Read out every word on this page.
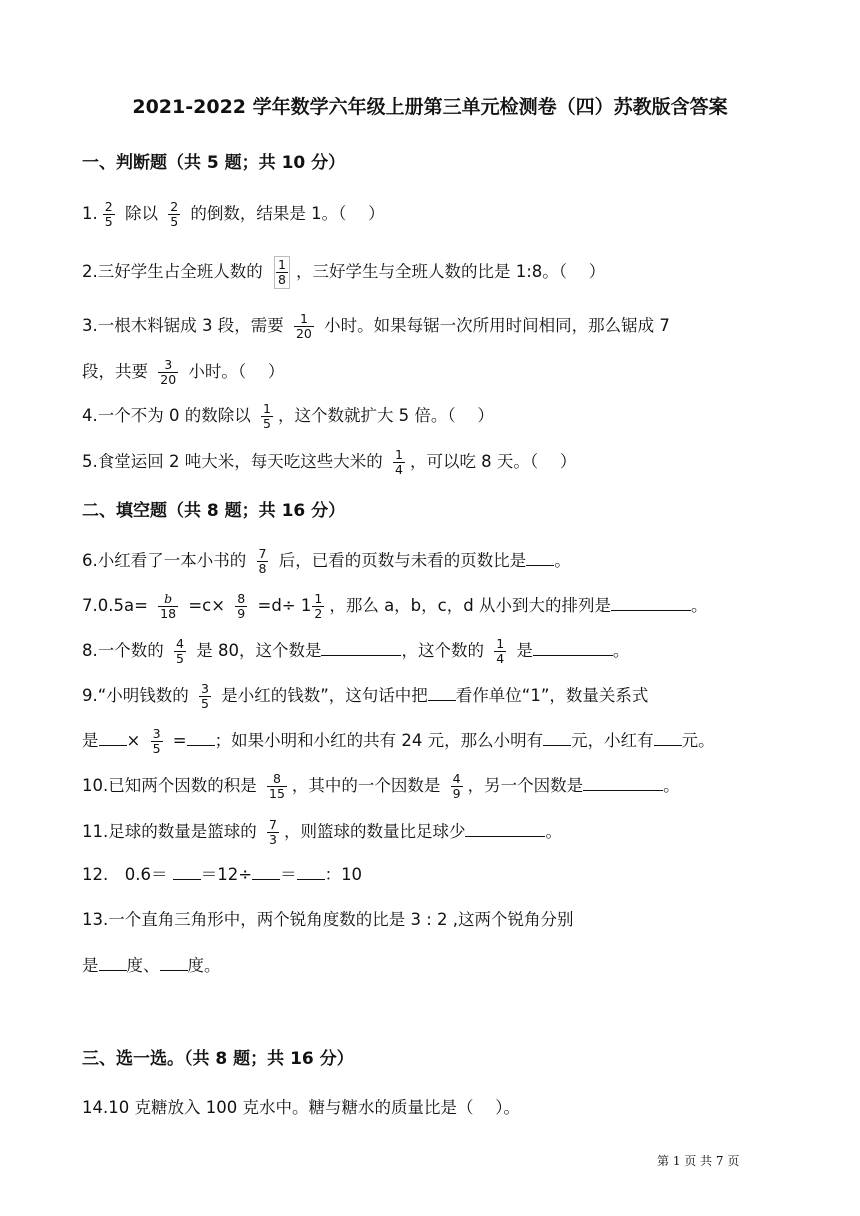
2021-2022 学年数学六年级上册第三单元检测卷（四）苏教版含答案
一、判断题（共 5 题；共 10 分）
1. $\frac{2}{5}$ 除以 $\frac{2}{5}$ 的倒数，结果是 1。（　 ）
2.三好学生占全班人数的 $\frac{1}{8}$ ，三好学生与全班人数的比是 1:8。（　 ）
3.一根木料锯成 3 段，需要 $\frac{1}{20}$ 小时。如果每锯一次所用时间相同，那么锯成 7
段，共要 $\frac{3}{20}$ 小时。（　 ）
4.一个不为 0 的数除以 $\frac{1}{5}$ ，这个数就扩大 5 倍。（　 ）
5.食堂运回 2 吨大米，每天吃这些大米的 $\frac{1}{4}$ ，可以吃 8 天。（　 ）
二、填空题（共 8 题；共 16 分）
6.小红看了一本小书的 $\frac{7}{8}$ 后，已看的页数与未看的页数比是 。
$7.0.5a= \frac{b}{18} =c\times \frac{8}{9} =d\div 1 \frac{1}{2}$ ，那么 a，b，c，d 从小到大的排列是	。
8.一个数的 $\frac{4}{5}$ 是 80，这个数是	，这个数的 $\frac{1}{4}$ 是	。
9.“小明钱数的 $\frac{3}{5}$ 是小红的钱数”，这句话中把 看作单位“1”，数量关系式
是 × $\frac{3}{5}$ = ；如果小明和小红的共有 24 元，那么小明有 元，小红有 元。
10.已知两个因数的积是 $\frac{8}{15}$ ，其中的一个因数是 $\frac{4}{9}$ ，另一个因数是	。
11.足球的数量是篮球的 $\frac{7}{3}$ ，则篮球的数量比足球少	。
12.　0.6＝ ＝12÷ ＝ ：10
13.一个直角三角形中，两个锐角度数的比是 3 : 2 ,这两个锐角分别
是 度、 度。
三、选一选。（共 8 题；共 16 分）
14.10 克糖放入 100 克水中。糖与糖水的质量比是（　 ）。
第 1 页 共 7 页
